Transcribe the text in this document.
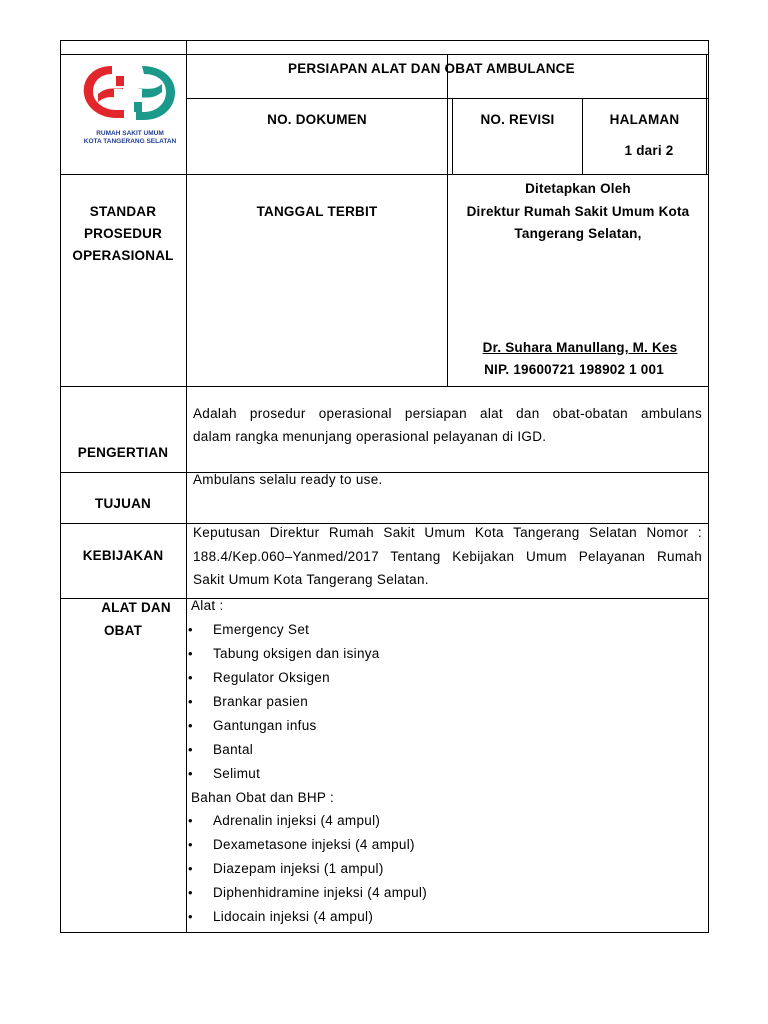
RUMAH SAKIT UMUM
KOTA TANGERANG SELATAN
PERSIAPAN ALAT DAN OBAT AMBULANCE
NO. DOKUMEN	NO. REVISI	HALAMAN
1 dari 2
STANDAR
PROSEDUR
OPERASIONAL
TANGGAL TERBIT
Ditetapkan Oleh
Direktur Rumah Sakit Umum Kota
Tangerang Selatan,
Dr. Suhara Manullang, M. Kes
NIP. 19600721 198902 1 001
PENGERTIAN
Adalah prosedur operasional persiapan alat dan obat-obatan ambulans
dalam rangka menunjang operasional pelayanan di IGD.
TUJUAN
Ambulans selalu ready to use.
KEBIJAKAN
Keputusan Direktur Rumah Sakit Umum Kota Tangerang Selatan Nomor :
188.4/Kep.060–Yanmed/2017 Tentang Kebijakan Umum Pelayanan Rumah
Sakit Umum Kota Tangerang Selatan.
ALAT DAN
OBAT
Alat :
• Emergency Set
• Tabung oksigen dan isinya
• Regulator Oksigen
• Brankar pasien
• Gantungan infus
• Bantal
• Selimut
Bahan Obat dan BHP :
• Adrenalin injeksi (4 ampul)
• Dexametasone injeksi (4 ampul)
• Diazepam injeksi (1 ampul)
• Diphenhidramine injeksi (4 ampul)
• Lidocain injeksi (4 ampul)
